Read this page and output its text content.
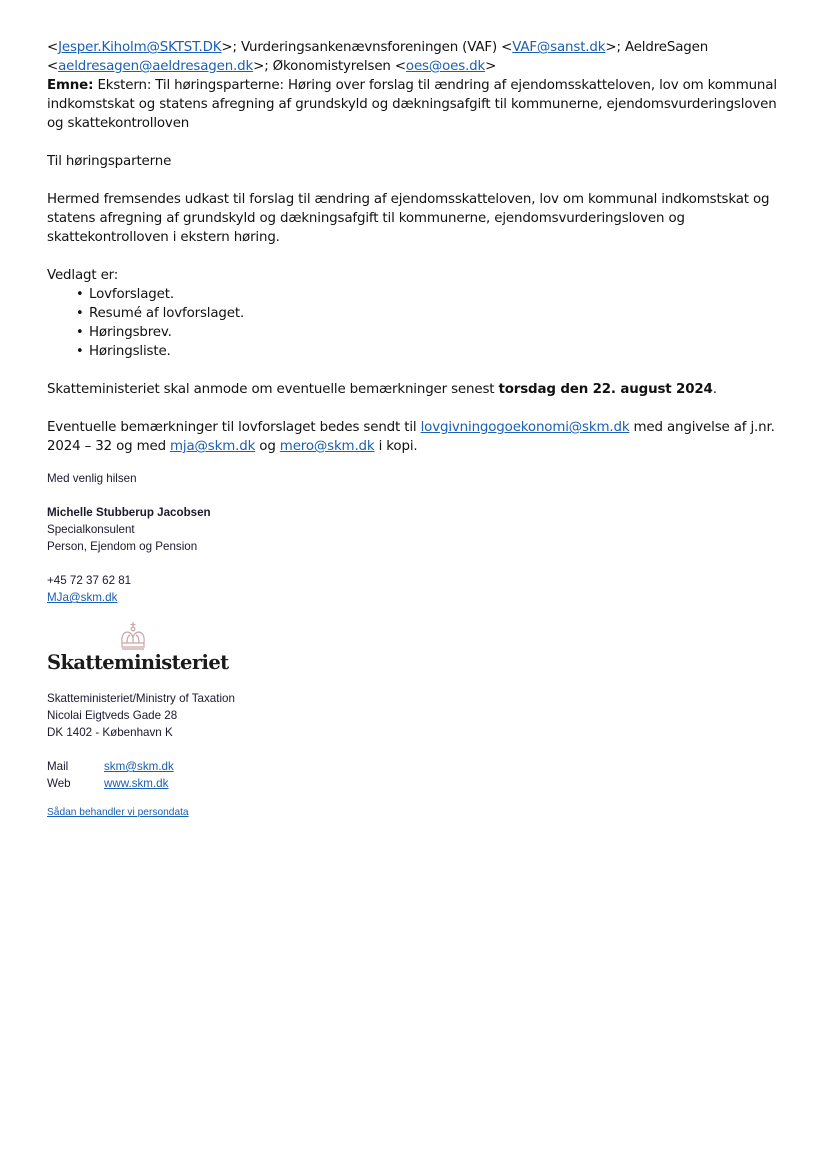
<Jesper.Kiholm@SKTST.DK>; Vurderingsankenævnsforeningen (VAF) <VAF@sanst.dk>; AeldreSagen

<aeldresagen@aeldresagen.dk>; Økonomistyrelsen <oes@oes.dk>

Emne: Ekstern: Til høringsparterne: Høring over forslag til ændring af ejendomsskatteloven, lov om kommunal indkomstskat og statens afregning af grundskyld og dækningsafgift til kommunerne, ejendomsvurderingsloven og skattekontrolloven

Til høringsparterne

Hermed fremsendes udkast til forslag til ændring af ejendomsskatteloven, lov om kommunal indkomstskat og statens afregning af grundskyld og dækningsafgift til kommunerne, ejendomsvurderingsloven og skattekontrolloven i ekstern høring.

Vedlagt er:

• Lovforslaget.
• Resumé af lovforslaget.
• Høringsbrev.
• Høringsliste.

Skatteministeriet skal anmode om eventuelle bemærkninger senest torsdag den 22. august 2024.

Eventuelle bemærkninger til lovforslaget bedes sendt til lovgivningogoekonomi@skm.dk med angivelse af j.nr. 2024 – 32 og med mja@skm.dk og mero@skm.dk i kopi.

Med venlig hilsen

Michelle Stubberup Jacobsen

Specialkonsulent

Person, Ejendom og Pension

+45 72 37 62 81

MJa@skm.dk

Skatteministeriet

Skatteministeriet/Ministry of Taxation

Nicolai Eigtveds Gade 28

DK 1402 - København K

Mail	skm@skm.dk
Web	www.skm.dk
Sådan behandler vi persondata
